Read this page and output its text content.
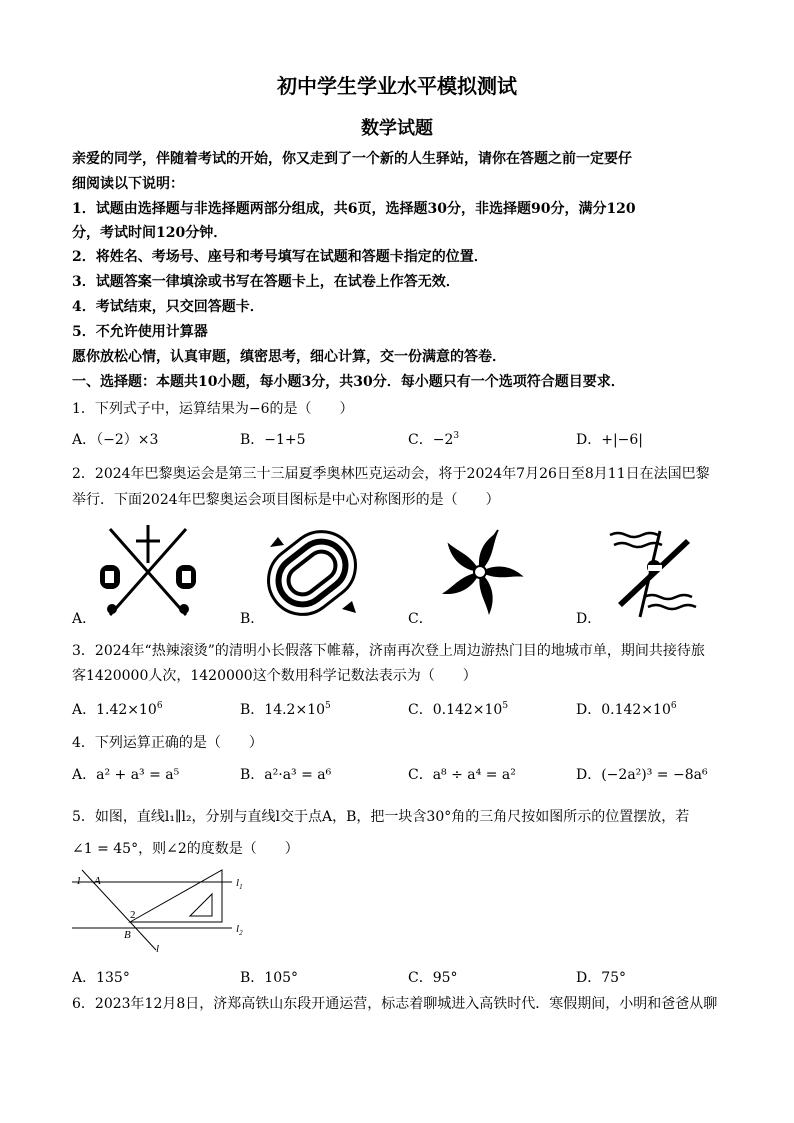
初中学生学业水平模拟测试
数学试题
亲爱的同学，伴随着考试的开始，你又走到了一个新的人生驿站，请你在答题之前一定要仔
细阅读以下说明：
1．试题由选择题与非选择题两部分组成，共6页，选择题30分，非选择题90分，满分120
分，考试时间120分钟．
2．将姓名、考场号、座号和考号填写在试题和答题卡指定的位置．
3．试题答案一律填涂或书写在答题卡上，在试卷上作答无效．
4．考试结束，只交回答题卡．
5．不允许使用计算器
愿你放松心情，认真审题，缜密思考，细心计算，交一份满意的答卷．
一、选择题：本题共10小题，每小题3分，共30分．每小题只有一个选项符合题目要求．
1．下列式子中，运算结果为−6的是（　　）
A．（−2）×3	B．−1+5	C．$-2^3$	D．+|−6|
2．2024年巴黎奥运会是第三十三届夏季奥林匹克运动会，将于2024年7月26日至8月11日在法国巴黎
举行．下面2024年巴黎奥运会项目图标是中心对称图形的是（　　）
A．	B．	C．	D．
3．2024年“热辣滚烫”的清明小长假落下帷幕，济南再次登上周边游热门目的地城市单，期间共接待旅
客1420000人次，1420000这个数用科学记数法表示为（　　）
A．$1.42\times 10^6$	B．$14.2\times 10^5$	C．$0.142\times 10^5$	D．$0.142\times 10^6$
4．下列运算正确的是（　　）
A．a² + a³ = a⁵	B．a²·a³ = a⁶	C．a⁸ ÷ a⁴ = a²	D．(−2a²)³ = −8a⁶
5．如图，直线l₁∥l₂，分别与直线l交于点A，B，把一块含30°角的三角尺按如图所示的位置摆放，若
∠1 = 45°，则∠2的度数是（　　）
1 A
2
B
l
$l_1$
$l_2$
A．135°	B．105°	C．95°	D．75°
6．2023年12月8日，济郑高铁山东段开通运营，标志着聊城进入高铁时代．寒假期间，小明和爸爸从聊
